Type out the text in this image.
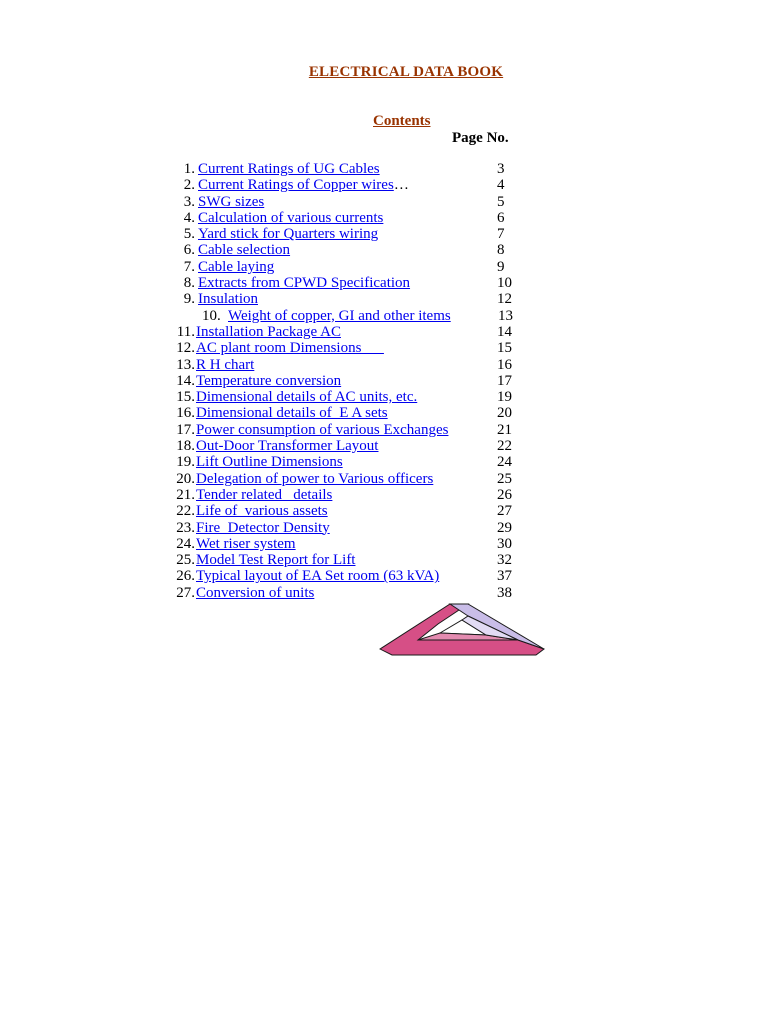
ELECTRICAL DATA BOOK
Contents
Page No.
1. Current Ratings of UG Cables	3
2. Current Ratings of Copper wires…	4
3. SWG sizes	5
4. Calculation of various currents	6
5. Yard stick for Quarters wiring	7
6. Cable selection	8
7. Cable laying	9
8. Extracts from CPWD Specification	10
9. Insulation	12
10. Weight of copper, GI and other items	13
11. Installation Package AC	14
12. AC plant room Dimensions	15
13. R H chart	16
14. Temperature conversion	17
15. Dimensional details of AC units, etc.	19
16. Dimensional details of  E A sets	20
17. Power consumption of various Exchanges	21
18. Out-Door Transformer Layout	22
19. Lift Outline Dimensions	24
20. Delegation of power to Various officers	25
21. Tender related   details	26
22. Life of  various assets	27
23. Fire  Detector Density	29
24. Wet riser system	30
25. Model Test Report for Lift	32
26. Typical layout of EA Set room (63 kVA)	37
27. Conversion of units	38
